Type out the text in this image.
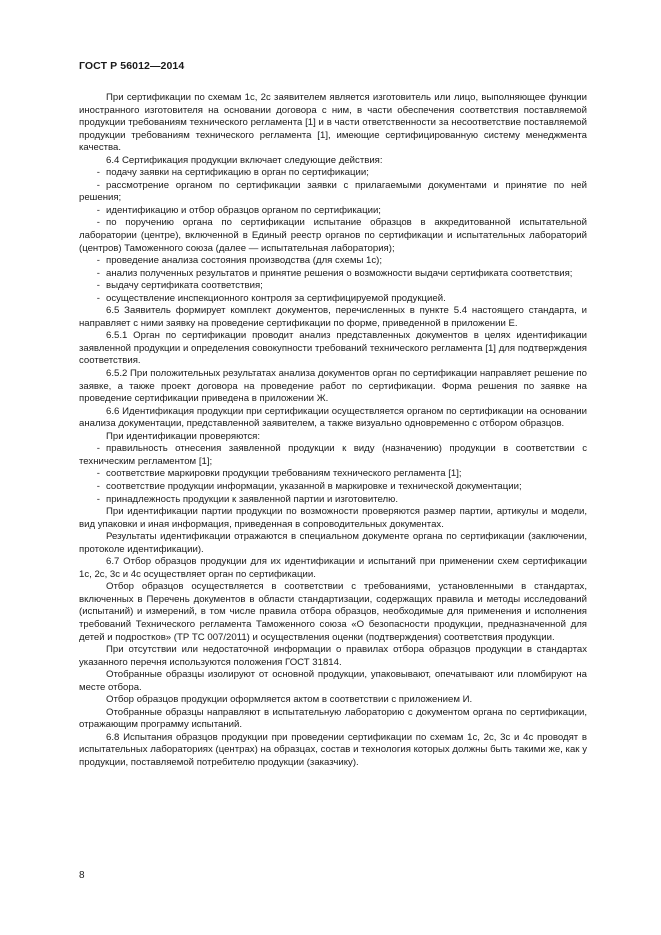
ГОСТ Р 56012—2014

При сертификации по схемам 1с, 2с заявителем является изготовитель или лицо, выполняющее функции иностранного изготовителя на основании договора с ним, в части обеспечения соответствия поставляемой продукции требованиям технического регламента [1] и в части ответственности за несоответствие поставляемой продукции требованиям технического регламента [1], имеющие сертифицированную систему менеджмента качества.

6.4 Сертификация продукции включает следующие действия:

- подачу заявки на сертификацию в орган по сертификации;

- рассмотрение органом по сертификации заявки с прилагаемыми документами и принятие по ней решения;

- идентификацию и отбор образцов органом по сертификации;

- по поручению органа по сертификации испытание образцов в аккредитованной испытательной лаборатории (центре), включенной в Единый реестр органов по сертификации и испытательных лабораторий (центров) Таможенного союза (далее — испытательная лаборатория);

- проведение анализа состояния производства (для схемы 1с);

- анализ полученных результатов и принятие решения о возможности выдачи сертификата соответствия;

- выдачу сертификата соответствия;

- осуществление инспекционного контроля за сертифицируемой продукцией.

6.5 Заявитель формирует комплект документов, перечисленных в пункте 5.4 настоящего стандарта, и направляет с ними заявку на проведение сертификации по форме, приведенной в приложении Е.

6.5.1 Орган по сертификации проводит анализ представленных документов в целях идентификации заявленной продукции и определения совокупности требований технического регламента [1] для подтверждения соответствия.

6.5.2 При положительных результатах анализа документов орган по сертификации направляет решение по заявке, а также проект договора на проведение работ по сертификации. Форма решения по заявке на проведение сертификации приведена в приложении Ж.

6.6 Идентификация продукции при сертификации осуществляется органом по сертификации на основании анализа документации, представленной заявителем, а также визуально одновременно с отбором образцов.

При идентификации проверяются:

- правильность отнесения заявленной продукции к виду (назначению) продукции в соответствии с техническим регламентом [1];

- соответствие маркировки продукции требованиям технического регламента [1];

- соответствие продукции информации, указанной в маркировке и технической документации;

- принадлежность продукции к заявленной партии и изготовителю.

При идентификации партии продукции по возможности проверяются размер партии, артикулы и модели, вид упаковки и иная информация, приведенная в сопроводительных документах.

Результаты идентификации отражаются в специальном документе органа по сертификации (заключении, протоколе идентификации).

6.7 Отбор образцов продукции для их идентификации и испытаний при применении схем сертификации 1с, 2с, 3с и 4с осуществляет орган по сертификации.

Отбор образцов осуществляется в соответствии с требованиями, установленными в стандартах, включенных в Перечень документов в области стандартизации, содержащих правила и методы исследований (испытаний) и измерений, в том числе правила отбора образцов, необходимые для применения и исполнения требований Технического регламента Таможенного союза «О безопасности продукции, предназначенной для детей и подростков» (ТР ТС 007/2011) и осуществления оценки (подтверждения) соответствия продукции.

При отсутствии или недостаточной информации о правилах отбора образцов продукции в стандартах указанного перечня используются положения ГОСТ 31814.

Отобранные образцы изолируют от основной продукции, упаковывают, опечатывают или пломбируют на месте отбора.

Отбор образцов продукции оформляется актом в соответствии с приложением И.

Отобранные образцы направляют в испытательную лабораторию с документом органа по сертификации, отражающим программу испытаний.

6.8 Испытания образцов продукции при проведении сертификации по схемам 1с, 2с, 3с и 4с проводят в испытательных лабораториях (центрах) на образцах, состав и технология которых должны быть такими же, как у продукции, поставляемой потребителю продукции (заказчику).

8
